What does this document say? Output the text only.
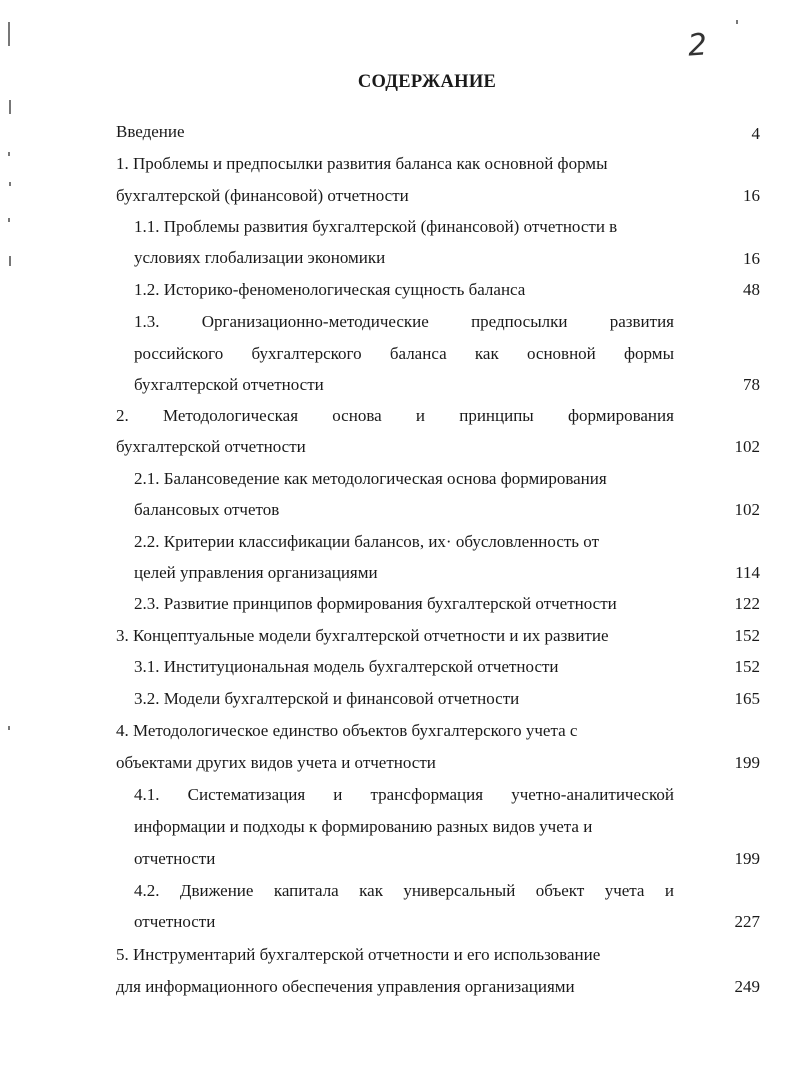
2
СОДЕРЖАНИЕ
Введение	4
1. Проблемы и предпосылки развития баланса как основной формы
бухгалтерской (финансовой) отчетности	16
1.1. Проблемы развития бухгалтерской (финансовой) отчетности в
условиях глобализации экономики	16
1.2. Историко-феноменологическая сущность баланса	48
1.3. Организационно-методические предпосылки развития
российского бухгалтерского баланса как основной формы
бухгалтерской отчетности	78
2. Методологическая основа и принципы формирования
бухгалтерской отчетности	102
2.1. Балансоведение как методологическая основа формирования
балансовых отчетов	102
2.2. Критерии классификации балансов, их· обусловленность от
целей управления организациями	114
2.3. Развитие принципов формирования бухгалтерской отчетности	122
3. Концептуальные модели бухгалтерской отчетности и их развитие	152
3.1. Институциональная модель бухгалтерской отчетности	152
3.2. Модели бухгалтерской и финансовой отчетности	165
4. Методологическое единство объектов бухгалтерского учета с
объектами других видов учета и отчетности	199
4.1. Систематизация и трансформация учетно-аналитической
информации и подходы к формированию разных видов учета и
отчетности	199
4.2. Движение капитала как универсальный объект учета и
отчетности	227
5. Инструментарий бухгалтерской отчетности и его использование
для информационного обеспечения управления организациями	249
